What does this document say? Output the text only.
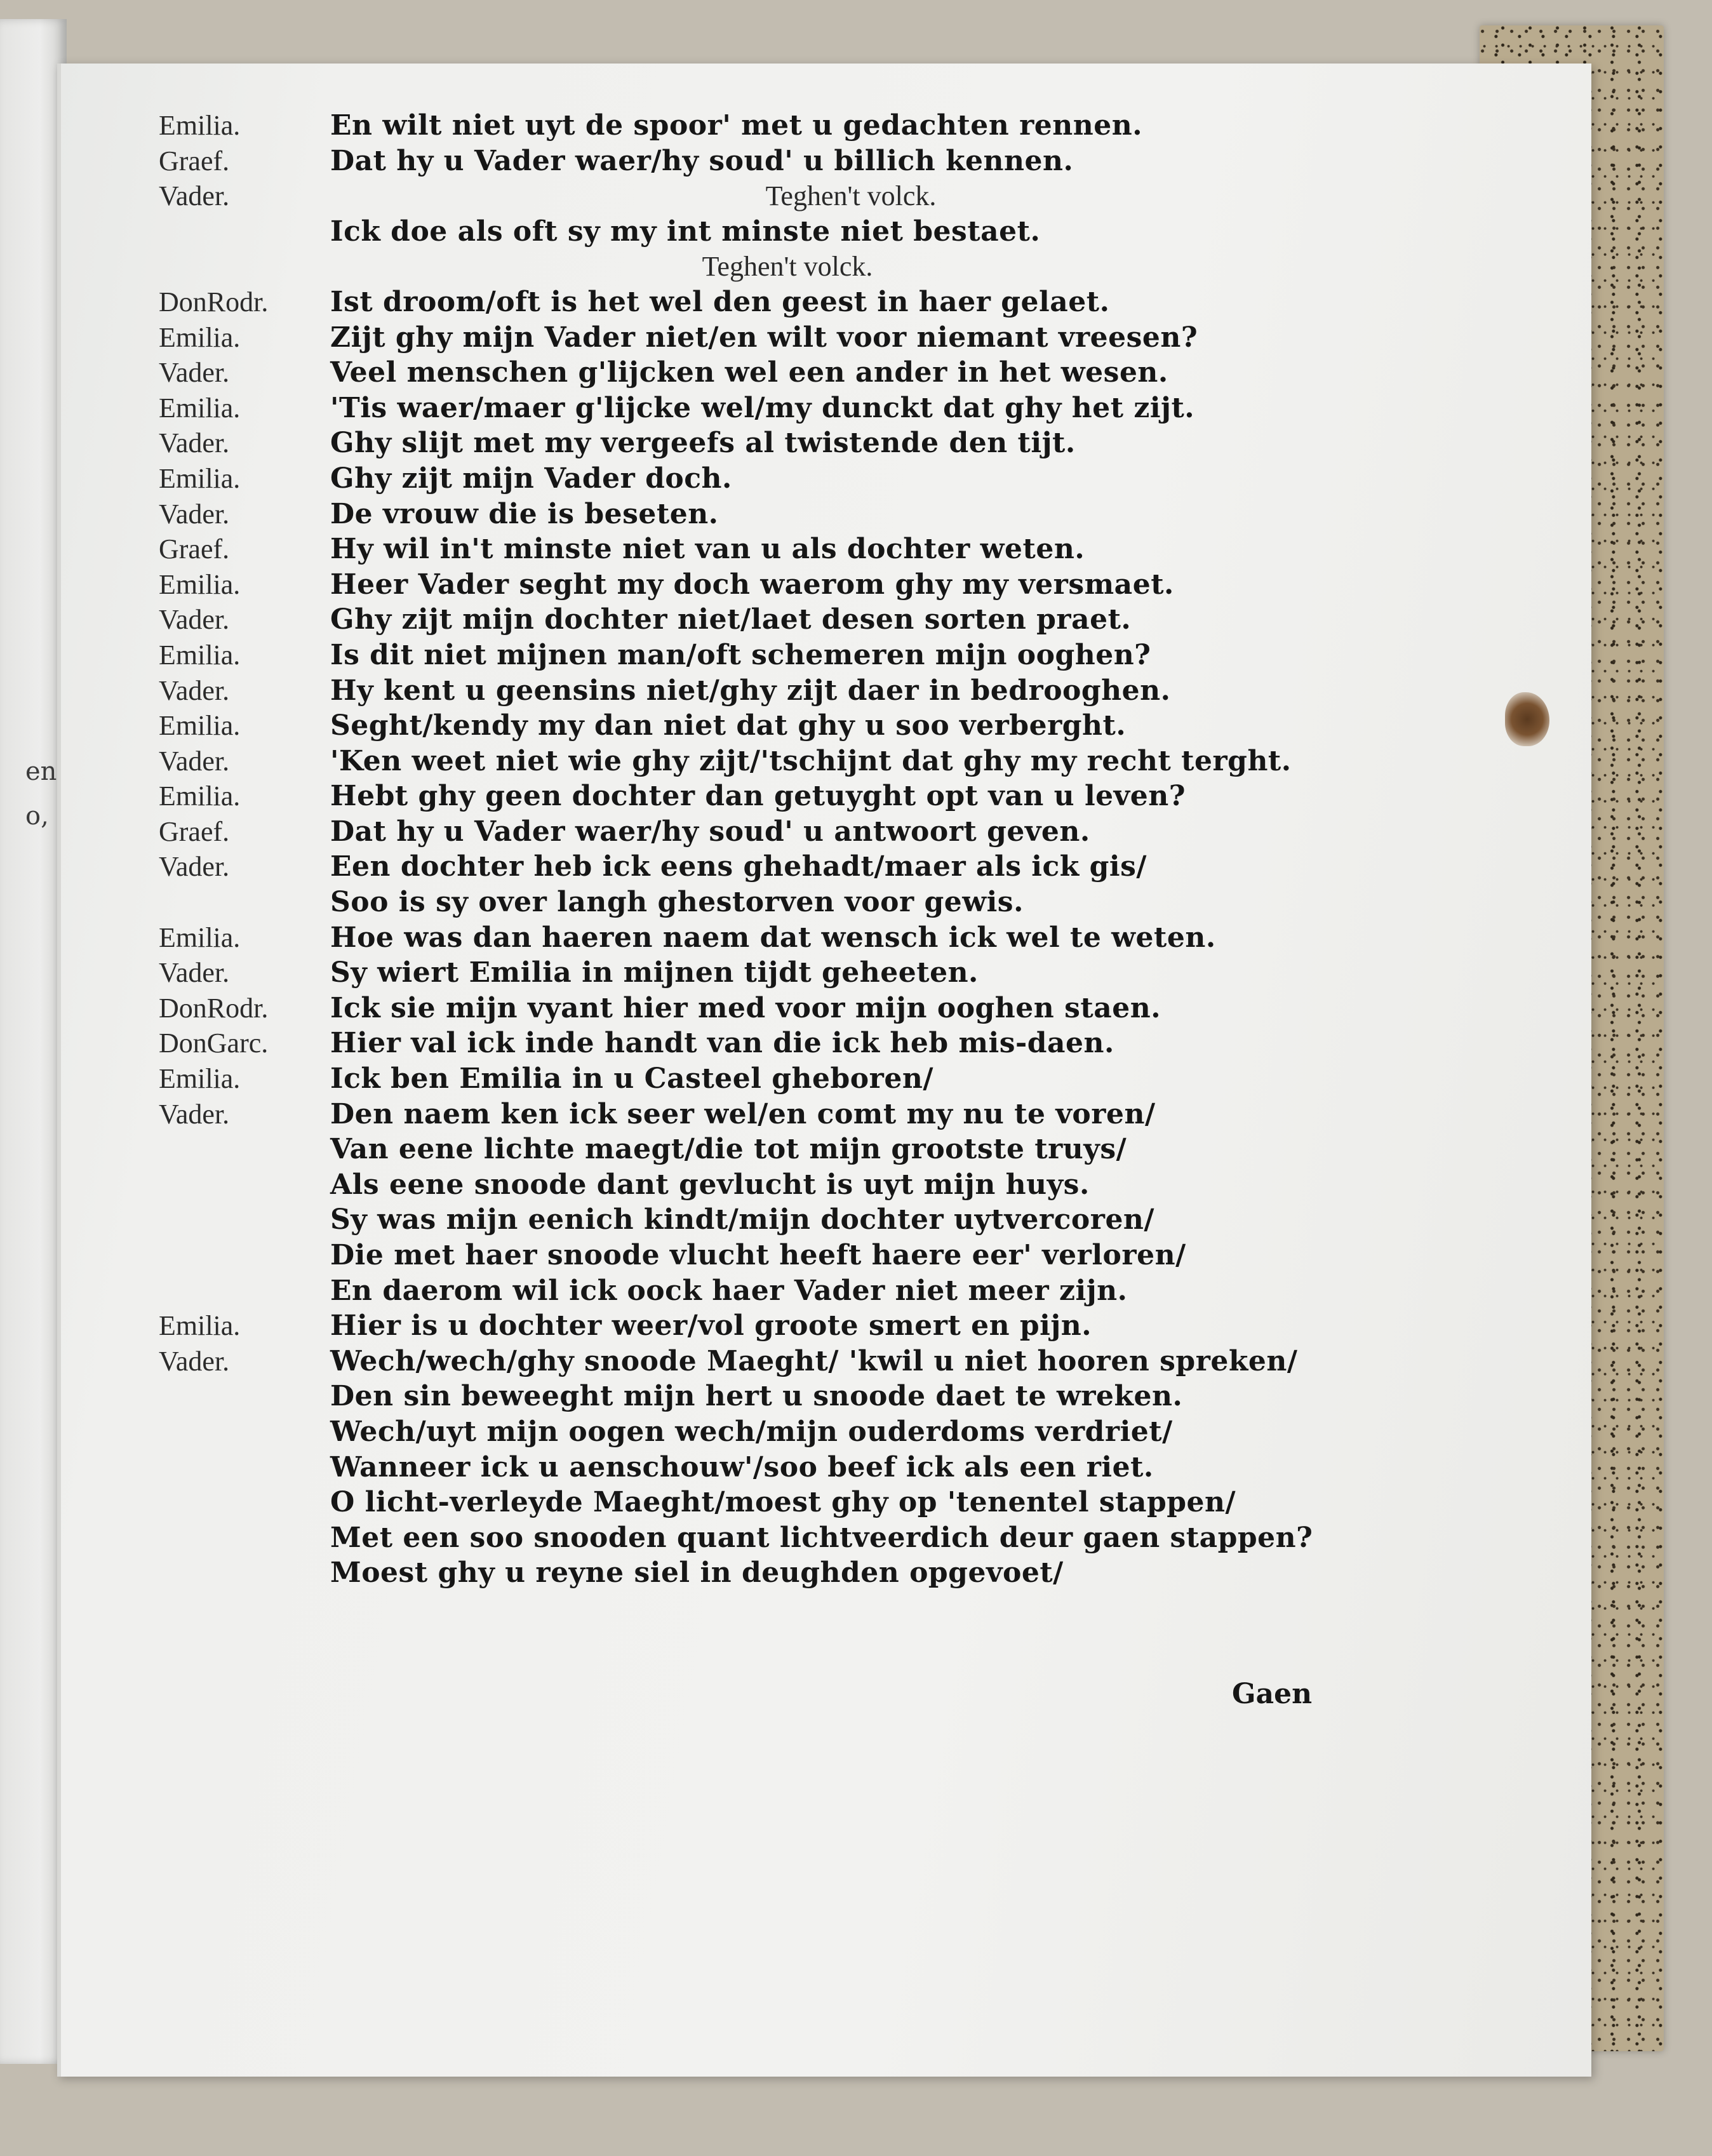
en
o,
Emilia.	En wilt niet uyt de spoor' met u gedachten rennen.
Graef.	Dat hy u Vader waer/hy soud' u billich kennen.
Vader.	Teghen't volck.
Ick doe als oft sy my int minste niet bestaet.
Teghen't volck.
DonRodr.	Ist droom/oft is het wel den geest in haer gelaet.
Emilia.	Zijt ghy mijn Vader niet/en wilt voor niemant vreesen?
Vader.	Veel menschen g'lijcken wel een ander in het wesen.
Emilia.	'Tis waer/maer g'lijcke wel/my dunckt dat ghy het zijt.
Vader.	Ghy slijt met my vergeefs al twistende den tijt.
Emilia.	Ghy zijt mijn Vader doch.
Vader.	De vrouw die is beseten.
Graef.	Hy wil in't minste niet van u als dochter weten.
Emilia.	Heer Vader seght my doch waerom ghy my versmaet.
Vader.	Ghy zijt mijn dochter niet/laet desen sorten praet.
Emilia.	Is dit niet mijnen man/oft schemeren mijn ooghen?
Vader.	Hy kent u geensins niet/ghy zijt daer in bedrooghen.
Emilia.	Seght/kendy my dan niet dat ghy u soo verberght.
Vader.	'Ken weet niet wie ghy zijt/'tschijnt dat ghy my recht terght.
Emilia.	Hebt ghy geen dochter dan getuyght opt van u leven?
Graef.	Dat hy u Vader waer/hy soud' u antwoort geven.
Vader.	Een dochter heb ick eens ghehadt/maer als ick gis/
Soo is sy over langh ghestorven voor gewis.
Emilia.	Hoe was dan haeren naem dat wensch ick wel te weten.
Vader.	Sy wiert Emilia in mijnen tijdt geheeten.
DonRodr.	Ick sie mijn vyant hier med voor mijn ooghen staen.
DonGarc.	Hier val ick inde handt van die ick heb mis-daen.
Emilia.	Ick ben Emilia in u Casteel gheboren/
Vader.	Den naem ken ick seer wel/en comt my nu te voren/
Van eene lichte maegt/die tot mijn grootste truys/
Als eene snoode dant gevlucht is uyt mijn huys.
Sy was mijn eenich kindt/mijn dochter uytvercoren/
Die met haer snoode vlucht heeft haere eer' verloren/
En daerom wil ick oock haer Vader niet meer zijn.
Emilia.	Hier is u dochter weer/vol groote smert en pijn.
Vader.	Wech/wech/ghy snoode Maeght/ 'kwil u niet hooren spreken/
Den sin beweeght mijn hert u snoode daet te wreken.
Wech/uyt mijn oogen wech/mijn ouderdoms verdriet/
Wanneer ick u aenschouw'/soo beef ick als een riet.
O licht-verleyde Maeght/moest ghy op 'tenentel stappen/
Met een soo snooden quant lichtveerdich deur gaen stappen?
Moest ghy u reyne siel in deughden opgevoet/
Gaen
